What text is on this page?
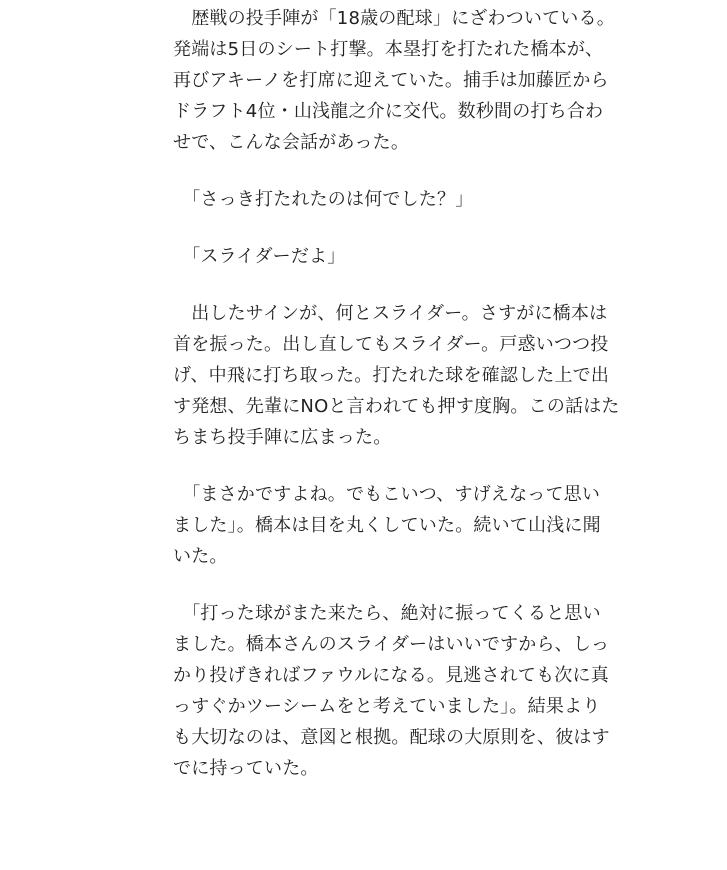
　歴戦の投手陣が「18歳の配球」にざわついている。
発端は5日のシート打撃。本塁打を打たれた橋本が、
再びアキーノを打席に迎えていた。捕手は加藤匠から
ドラフト4位・山浅龍之介に交代。数秒間の打ち合わ
せで、こんな会話があった。

　「さっき打たれたのは何でした？」

　「スライダーだよ」

　出したサインが、何とスライダー。さすがに橋本は
首を振った。出し直してもスライダー。戸惑いつつ投
げ、中飛に打ち取った。打たれた球を確認した上で出
す発想、先輩にNOと言われても押す度胸。この話はた
ちまち投手陣に広まった。

　「まさかですよね。でもこいつ、すげえなって思い
ました」。橋本は目を丸くしていた。続いて山浅に聞
いた。

　「打った球がまた来たら、絶対に振ってくると思い
ました。橋本さんのスライダーはいいですから、しっ
かり投げきればファウルになる。見逃されても次に真
っすぐかツーシームをと考えていました」。結果より
も大切なのは、意図と根拠。配球の大原則を、彼はす
でに持っていた。
